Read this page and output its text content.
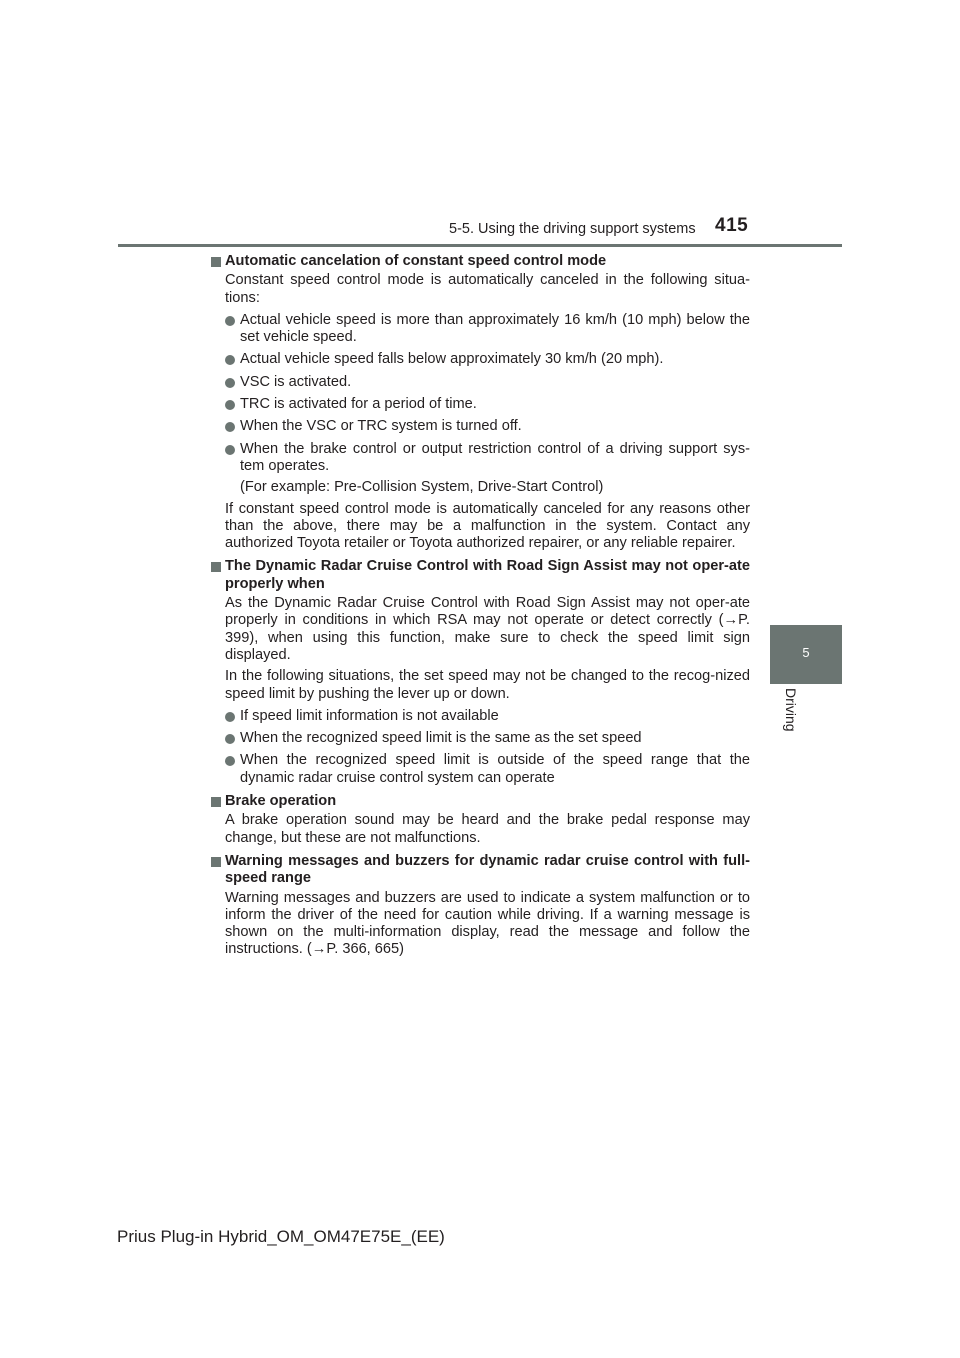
5-5. Using the driving support systems 415
5
Driving
Automatic cancelation of constant speed control mode
Constant speed control mode is automatically canceled in the following situa-tions:
Actual vehicle speed is more than approximately 16 km/h (10 mph) below the set vehicle speed.
Actual vehicle speed falls below approximately 30 km/h (20 mph).
VSC is activated.
TRC is activated for a period of time.
When the VSC or TRC system is turned off.
When the brake control or output restriction control of a driving support sys-tem operates.
(For example: Pre-Collision System, Drive-Start Control)
If constant speed control mode is automatically canceled for any reasons other than the above, there may be a malfunction in the system. Contact any authorized Toyota retailer or Toyota authorized repairer, or any reliable repairer.
The Dynamic Radar Cruise Control with Road Sign Assist may not oper-ate properly when
As the Dynamic Radar Cruise Control with Road Sign Assist may not oper-ate properly in conditions in which RSA may not operate or detect correctly (→P. 399), when using this function, make sure to check the speed limit sign displayed.
In the following situations, the set speed may not be changed to the recog-nized speed limit by pushing the lever up or down.
If speed limit information is not available
When the recognized speed limit is the same as the set speed
When the recognized speed limit is outside of the speed range that the dynamic radar cruise control system can operate
Brake operation
A brake operation sound may be heard and the brake pedal response may change, but these are not malfunctions.
Warning messages and buzzers for dynamic radar cruise control with full-speed range
Warning messages and buzzers are used to indicate a system malfunction or to inform the driver of the need for caution while driving. If a warning message is shown on the multi-information display, read the message and follow the instructions. (→P. 366, 665)
Prius Plug-in Hybrid_OM_OM47E75E_(EE)
